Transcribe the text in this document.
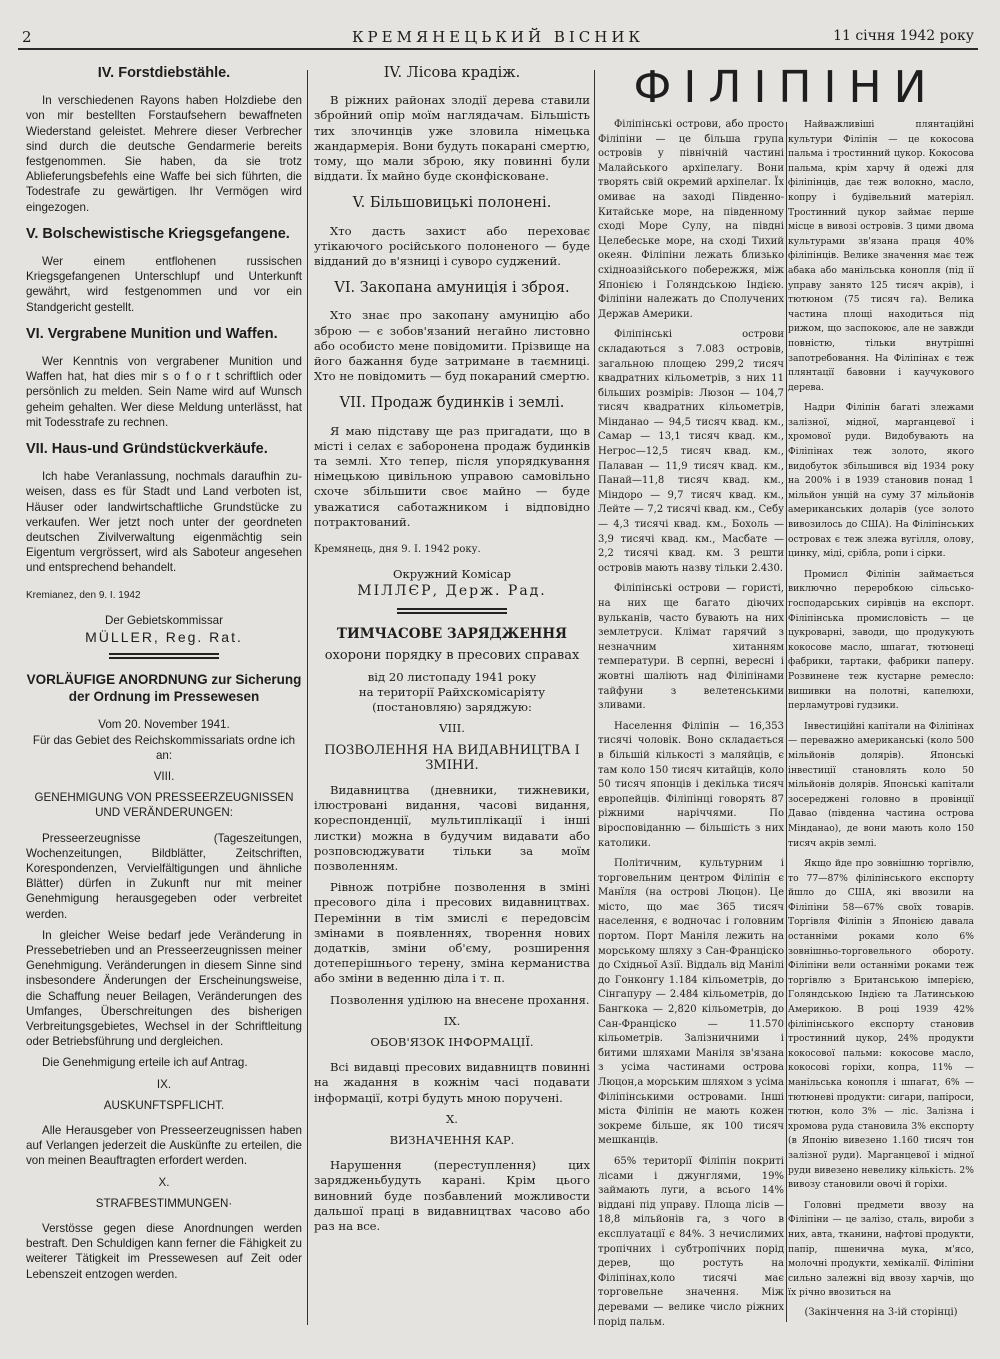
2	КРЕМЯНЕЦЬКИЙ ВІСНИК	11 січня 1942 року
IV. Forstdiebstähle.

In verschiedenen Rayons haben Holzdiebe den von mir bestellten Forstaufsehern bewaffneten Wiederstand geleistet. Mehrere dieser Verbrecher sind durch die deutsche Gendarmerie bereits festgenommen. Sie haben, da sie trotz Ablieferungsbefehls eine Waffe bei sich führten, die Todestrafe zu gewärtigen. Ihr Vermögen wird eingezogen.

V. Bolschewistische Kriegsgefangene.

Wer einem entflohenen russischen Kriegsgefangenen Unterschlupf und Unterkunft gewährt, wird festgenommen und vor ein Standgericht gestellt.

VI. Vergrabene Munition und Waffen.

Wer Kenntnis von vergrabener Munition und Waffen hat, hat dies mir s o f o r t schriftlich oder persönlich zu melden. Sein Name wird auf Wunsch geheim gehalten. Wer diese Meldung unterlässt, hat mit Todesstrafe zu rechnen.

VII. Haus-und Gründstückverkäufe.

Ich habe Veranlassung, nochmals daraufhin zu-weisen, dass es für Stadt und Land verboten ist, Häuser oder landwirtschaftliche Grundstücke zu verkaufen. Wer jetzt noch unter der geordneten deutschen Zivilverwaltung eigenmächtig sein Eigentum vergrössert, wird als Saboteur angesehen und entsprechend behandelt.

Kremianez, den 9. I. 1942

Der Gebietskommissar

MÜLLER, Reg. Rat.

VORLÄUFIGE ANORDNUNG zur Sicherung der Ordnung im Pressewesen

Vom 20. November 1941.

Für das Gebiet des Reichskommissariats ordne ich an:

VIII.

GENEHMIGUNG VON PRESSEERZEUGNISSEN UND VERÄNDERUNGEN:

Presseerzeugnisse (Tageszeitungen, Wochenzeitungen, Bildblätter, Zeitschriften, Korespondenzen, Vervielfältigungen und ähnliche Blätter) dürfen in Zukunft nur mit meiner Genehmigung herausgegeben oder verbreitet werden.

In gleicher Weise bedarf jede Veränderung in Pressebetrieben und an Presseerzeugnissen meiner Genehmigung. Veränderungen in diesem Sinne sind insbesondere Änderungen der Erscheinungsweise, die Schaffung neuer Beilagen, Veränderungen des Umfanges, Überschreitungen des bisherigen Verbreitungsgebietes, Wechsel in der Schriftleitung oder Betriebsführung und dergleichen.

Die Genehmigung erteile ich auf Antrag.

IX.

AUSKUNFTSPFLICHT.

Alle Herausgeber von Presseerzeugnissen haben auf Verlangen jederzeit die Auskünfte zu erteilen, die von meinen Beauftragten erfordert werden.

X.

STRAFBESTIMMUNGEN·

Verstösse gegen diese Anordnungen werden bestraft. Den Schuldigen kann ferner die Fähigkeit zu weiterer Tätigkeit im Pressewesen auf Zeit oder Lebenszeit entzogen werden.

IV. Лісова крадіж.

В ріжних районах злодії дерева ставили збройний опір моїм наглядачам. Більшість тих злочинців уже зловила німецька жандармерія. Вони будуть покарані смертю, тому, що мали зброю, яку повинні були віддати. Їх майно буде сконфісковане.

V. Більшовицькі полонені.

Хто дасть захист або переховає утікаючого російського полоненого — буде відданий до в'язниці і суворо суджений.

VI. Закопана амуниція і зброя.

Хто знає про закопану амуницію або зброю — є зобов'язаний негайно листовно або особисто мене повідомити. Прізвище на його бажання буде затримане в таємниці. Хто не повідомить — буд покараний смертю.

VII. Продаж будинків і землі.

Я маю підставу ще раз пригадати, що в місті і селах є заборонена продаж будинків та землі. Хто тепер, після упорядкування німецькою цивільною управою самовільно схоче збільшити своє майно — буде уважатися саботажником і відповідно потрактований.

Кремянець, дня 9. I. 1942 року.

Окружний Комісар

МІЛЛЄР, Держ. Рад.

ТИМЧАСОВЕ ЗАРЯДЖЕННЯ

охорони порядку в пресових справах

від 20 листопаду 1941 року

на території Райхскомісаріяту (постановляю) заряджую:

VIII.

ПОЗВОЛЕННЯ НА ВИДАВНИЦТВА І ЗМІНИ.

Видавництва (дневники, тижневики, ілюстровані видання, часові видання, кореспонденції, мультиплікації і інші листки) можна в будучим видавати або розповсюджувати тільки за моїм позволенням.

Рівнож потрібне позволення в зміні пресового діла і пресових видавництвах. Перемінни в тім змислі є передовсім змінами в появленнях, творення нових додатків, зміни об'єму, розширення дотеперішнього терену, зміна керманиства або зміни в веденню діла і т. п.

Позволення уділюю на внесене прохання.

IX.

ОБОВ'ЯЗОК ІНФОРМАЦІЇ.

Всі видавці пресових видавництв повинні на жадання в кожнім часі подавати інформації, котрі будуть мною поручені.

X.

ВИЗНАЧЕННЯ КАР.

Нарушення (переступлення) цих зарядженьбудуть карані. Крім цього виновний буде позбавлений можливости дальшої праці в видавництвах часово або раз на все.

ФІЛІПІНИ

Філіпінські острови, або просто Філіпіни — це більша група островів у північній частині Малайського архіпелагу. Вони творять свій окремий архіпелаг. Їх омиває на заході Південно-Китайське море, на південному сході Море Сулу, на півдні Целебеське море, на сході Тихий океян. Філіпіни лежать близько східноазійського побережжя, між Японією і Голяндською Індією. Філіпіни належать до Сполучених Держав Америки.

Філіпінські острови складаються з 7.083 островів, загальною площею 299,2 тисяч квадратних кільометрів, з них 11 більших розмірів: Люзон — 104,7 тисяч квадратних кільометрів, Мінданао — 94,5 тисяч квад. км., Самар — 13,1 тисяч квад. км., Негрос—12,5 тисяч квад. км., Палаван — 11,9 тисяч квад. км., Панай—11,8 тисяч квад. км., Міндоро — 9,7 тисяч квад. км., Лейте — 7,2 тисячі квад. км., Себу — 4,3 тисячі квад. км., Бохоль — 3,9 тисячі квад. км., Масбате — 2,2 тисячі квад. км. З решти островів мають назву тільки 2.430.

Філіпінські острови — гористі, на них ще багато діючих вульканів, часто бувають на них землетруси. Клімат гарячий з незначним хитанням температури. В серпні, вересні і жовтні шаліють над Філіпінами тайфуни з велетенськими зливами.

Населення Філіпін — 16,353 тисячі чоловік. Воно складається в більшій кількості з маляйців, є там коло 150 тисяч китайців, коло 50 тисяч японців і декілька тисяч европейців. Філіпінці говорять 87 ріжними наріччями. По віросповіданню — більшість з них католики.

Політичним, культурним і торговельним центром Філіпін є Манїля (на острові Люцон). Це місто, що має 365 тисяч населення, є водночас і головним портом. Порт Маніля лежить на морському шляху з Сан-Франціско до Східньої Азії. Віддаль від Манілі до Гонконгу 1.184 кільометрів, до Сінгапуру — 2.484 кільометрів, до Бангкока — 2,820 кільометрів, до Сан-Франціско — 11.570 кільометрів. Залізничними і битими шляхами Маніля зв'язана з усіма частинами острова Люцон,а морським шляхом з усіма Філіпінськими островами. Інші міста Філіпін не мають кожен зокреме більше, як 100 тисяч мешканців.

65% території Філіпін покриті лісами і джунглями, 19% займають луги, а всього 14% віддані під управу. Площа лісів — 18,8 мільйонів га, з чого в експлуатації є 84%. З нечислимих тропічних і субтропічних порід дерев, що ростуть на Філіпінах,коло тисячі має торговельне значення. Між деревами — велике число ріжних порід пальм.

Найважливіші плянтаційні культури Філіпін — це кокосова пальма і тростинний цукор. Кокосова пальма, крім харчу й одежі для філіпінців, дає теж волокно, масло, копру і будівельний матеріял. Тростинний цукор займає перше місце в вивозі островів. З цими двома культурами зв'язана праця 40% філіпінців. Велике значення має теж абака або манільська конопля (під ії управу занято 125 тисяч акрів), і тютюном (75 тисяч га). Велика частина площі находиться під рижом, що заспокоює, але не завжди повністю, тільки внутрішні запотребовання. На Філіпінах є теж плянтації бавовни і каучукового дерева.

Надри Філіпін багаті злежами залізної, мідної, марганцевої і хромової руди. Видобувають на Філіпінах теж золото, якого видобуток збільшився від 1934 року на 200% і в 1939 становив понад 1 мільйон унцій на суму 37 мільйонів американських доларів (усе золото вивозилось до США). На Філіпінських островах є теж злежа вугілля, олову, цинку, міді, срібла, ропи і сірки.

Промисл Філіпін займається виключно переробкою сільсько-господарських сирівців на експорт. Філіпінська промисловість — це цукроварні, заводи, що продукують кокосове масло, шпагат, тютюнеці фабрики, тартаки, фабрики паперу. Розвинене теж кустарне ремесло: вишивки на полотні, капелюхи, перламутрові гудзики.

Інвестиційні капітали на Філіпінах — переважно американські (коло 500 мільйонів долярів). Японські інвестиції становлять коло 50 мільйонів долярів. Японські капітали зосереджені головно в провінції Давао (південна частина острова Мінданао), де вони мають коло 150 тисяч акрів землі.

Якщо йде про зовнішню торгівлю, то 77—87% філіпінського експорту йшло до США, які ввозили на Філіпіни 58—67% своїх товарів. Торгівля Філіпін з Японією давала останніми роками коло 6% зовнішньо-торговельного обороту. Філіпіни вели останніми роками теж торгівлю з Британською імперією, Голяндською Індією та Латинською Америкою. В році 1939 42% філіпінського експорту становив тростинний цукор, 24% продукти кокосової пальми: кокосове масло, кокосові горіхи, копра, 11% — манільська конопля і шпагат, 6% — тютюневі продукти: сигари, папіроси, тютюн, коло 3% — ліс. Залізна і хромова руда становила 3% експорту (в Японію вивезено 1.160 тисяч тон залізної руди). Марганцевої і мідної руди вивезено невелику кількість. 2% вивозу становили овочі й горіхи.

Головні предмети ввозу на Філіпіни — це залізо, сталь, вироби з них, авта, тканини, нафтові продукти, папір, пшенична мука, м'ясо, молочні продукти, хемікалії. Філіпіни сильно залежні від ввозу харчів, що їх річно ввозиться на

(Закінчення на 3-ій сторінці)
